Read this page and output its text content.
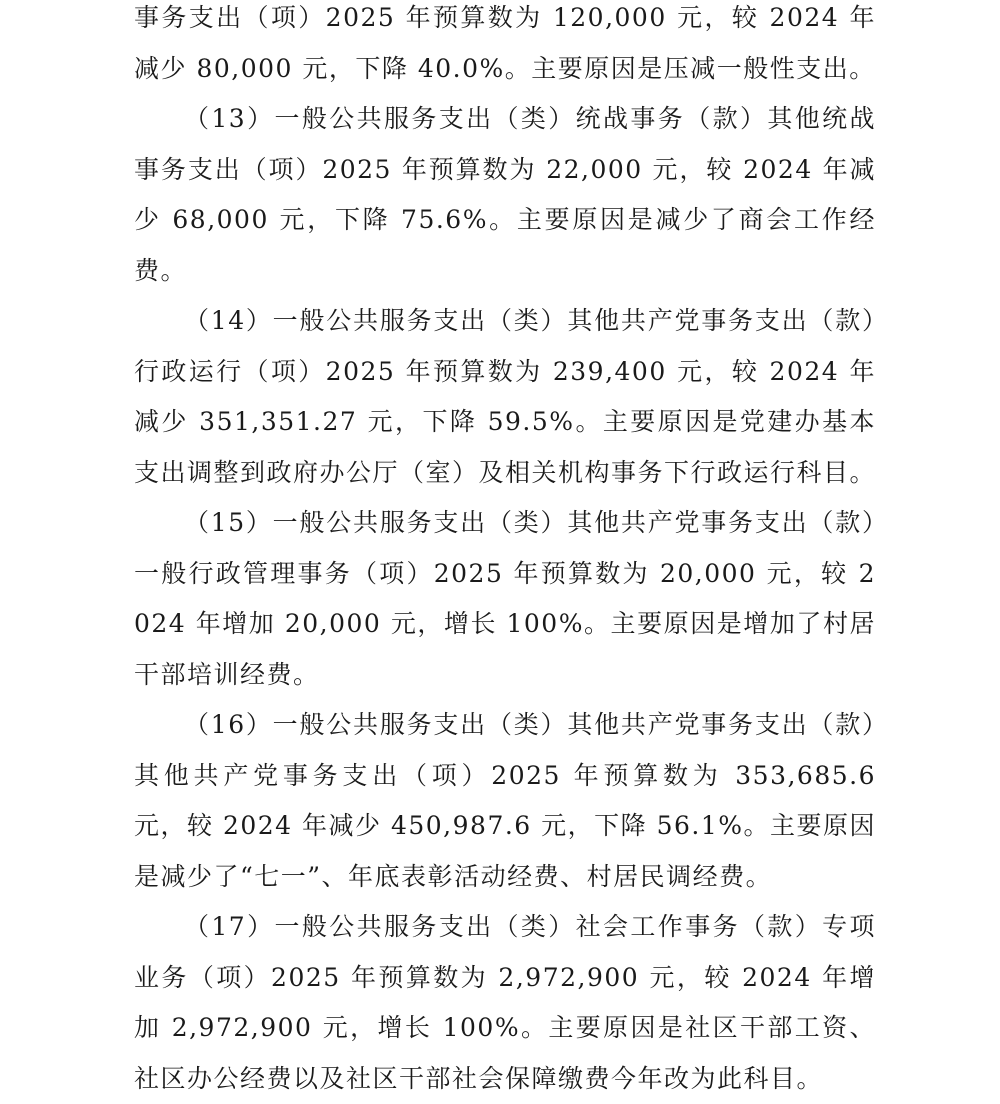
事务支出（项）2025 年预算数为 120,000 元，较 2024 年减少 80,000 元，下降 40.0%。主要原因是压减一般性支出。

（13）一般公共服务支出（类）统战事务（款）其他统战事务支出（项）2025 年预算数为 22,000 元，较 2024 年减少 68,000 元，下降 75.6%。主要原因是减少了商会工作经费。

（14）一般公共服务支出（类）其他共产党事务支出（款）行政运行（项）2025 年预算数为 239,400 元，较 2024 年减少 351,351.27 元，下降 59.5%。主要原因是党建办基本支出调整到政府办公厅（室）及相关机构事务下行政运行科目。

（15）一般公共服务支出（类）其他共产党事务支出（款）一般行政管理事务（项）2025 年预算数为 20,000 元，较 2024 年增加 20,000 元，增长 100%。主要原因是增加了村居干部培训经费。

（16）一般公共服务支出（类）其他共产党事务支出（款）其他共产党事务支出（项）2025 年预算数为 353,685.6 元，较 2024 年减少 450,987.6 元，下降 56.1%。主要原因是减少了“七一”、年底表彰活动经费、村居民调经费。

（17）一般公共服务支出（类）社会工作事务（款）专项业务（项）2025 年预算数为 2,972,900 元，较 2024 年增加 2,972,900 元，增长 100%。主要原因是社区干部工资、社区办公经费以及社区干部社会保障缴费今年改为此科目。
